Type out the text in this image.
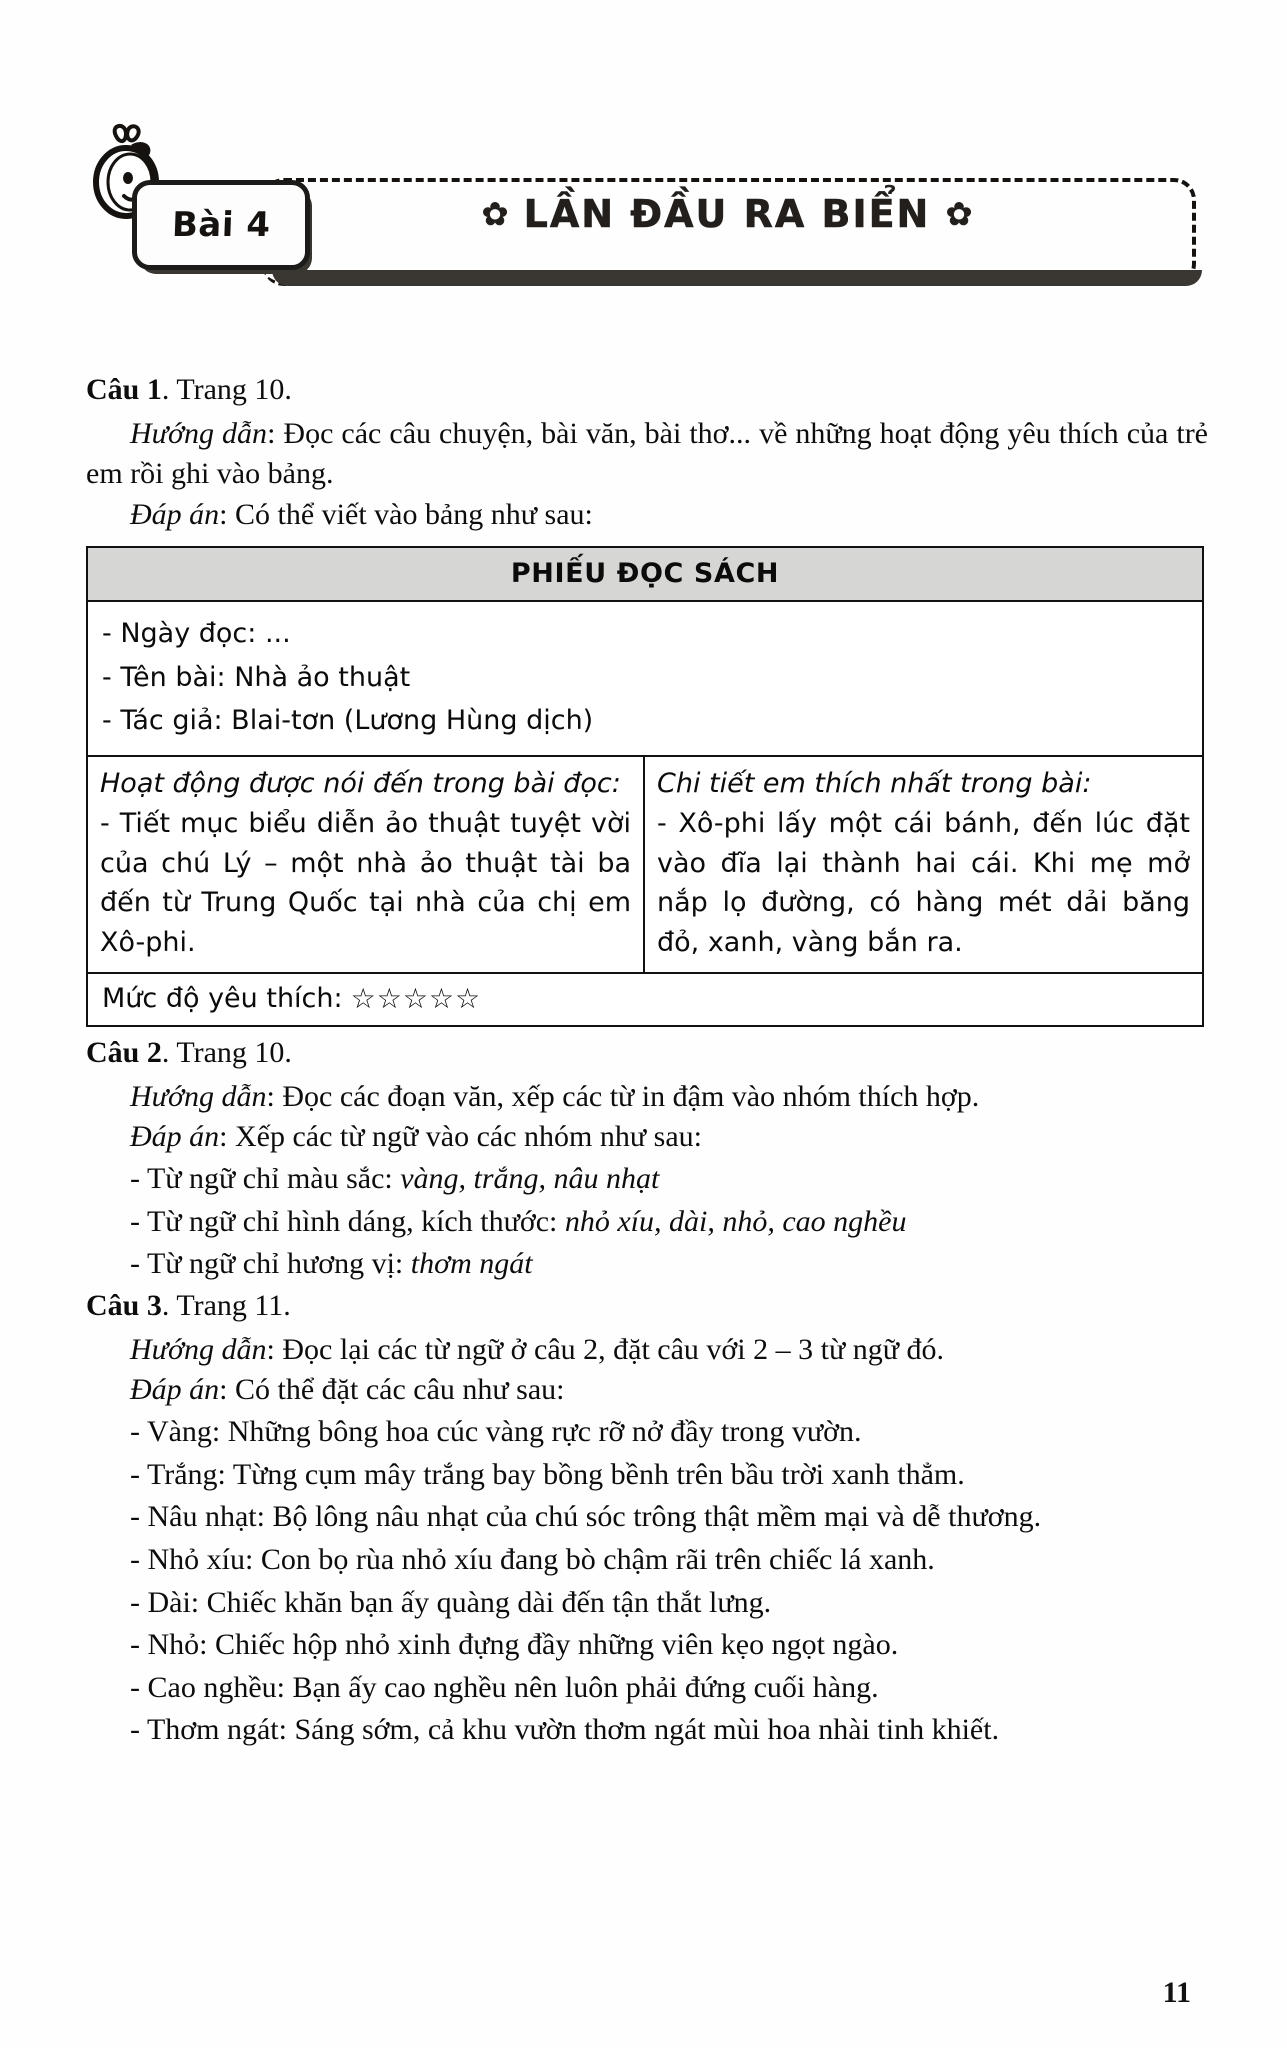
✿ LẦN ĐẦU RA BIỂN ✿
Bài 4

Câu 1. Trang 10.

Hướng dẫn: Đọc các câu chuyện, bài văn, bài thơ... về những hoạt động yêu thích của trẻ em rồi ghi vào bảng.

Đáp án: Có thể viết vào bảng như sau:

PHIẾU ĐỌC SÁCH
- Ngày đọc: ...
- Tên bài: Nhà ảo thuật
- Tác giả: Blai-tơn (Lương Hùng dịch)
Hoạt động được nói đến trong bài đọc:
- Tiết mục biểu diễn ảo thuật tuyệt vời của chú Lý – một nhà ảo thuật tài ba đến từ Trung Quốc tại nhà của chị em Xô-phi.
Chi tiết em thích nhất trong bài:
- Xô-phi lấy một cái bánh, đến lúc đặt vào đĩa lại thành hai cái. Khi mẹ mở nắp lọ đường, có hàng mét dải băng đỏ, xanh, vàng bắn ra.
Mức độ yêu thích: ☆☆☆☆☆

Câu 2. Trang 10.

Hướng dẫn: Đọc các đoạn văn, xếp các từ in đậm vào nhóm thích hợp.

Đáp án: Xếp các từ ngữ vào các nhóm như sau:

- Từ ngữ chỉ màu sắc: vàng, trắng, nâu nhạt

- Từ ngữ chỉ hình dáng, kích thước: nhỏ xíu, dài, nhỏ, cao nghều

- Từ ngữ chỉ hương vị: thơm ngát

Câu 3. Trang 11.

Hướng dẫn: Đọc lại các từ ngữ ở câu 2, đặt câu với 2 – 3 từ ngữ đó.

Đáp án: Có thể đặt các câu như sau:

- Vàng: Những bông hoa cúc vàng rực rỡ nở đầy trong vườn.

- Trắng: Từng cụm mây trắng bay bồng bềnh trên bầu trời xanh thẳm.

- Nâu nhạt: Bộ lông nâu nhạt của chú sóc trông thật mềm mại và dễ thương.

- Nhỏ xíu: Con bọ rùa nhỏ xíu đang bò chậm rãi trên chiếc lá xanh.

- Dài: Chiếc khăn bạn ấy quàng dài đến tận thắt lưng.

- Nhỏ: Chiếc hộp nhỏ xinh đựng đầy những viên kẹo ngọt ngào.

- Cao nghều: Bạn ấy cao nghều nên luôn phải đứng cuối hàng.

- Thơm ngát: Sáng sớm, cả khu vườn thơm ngát mùi hoa nhài tinh khiết.

11
